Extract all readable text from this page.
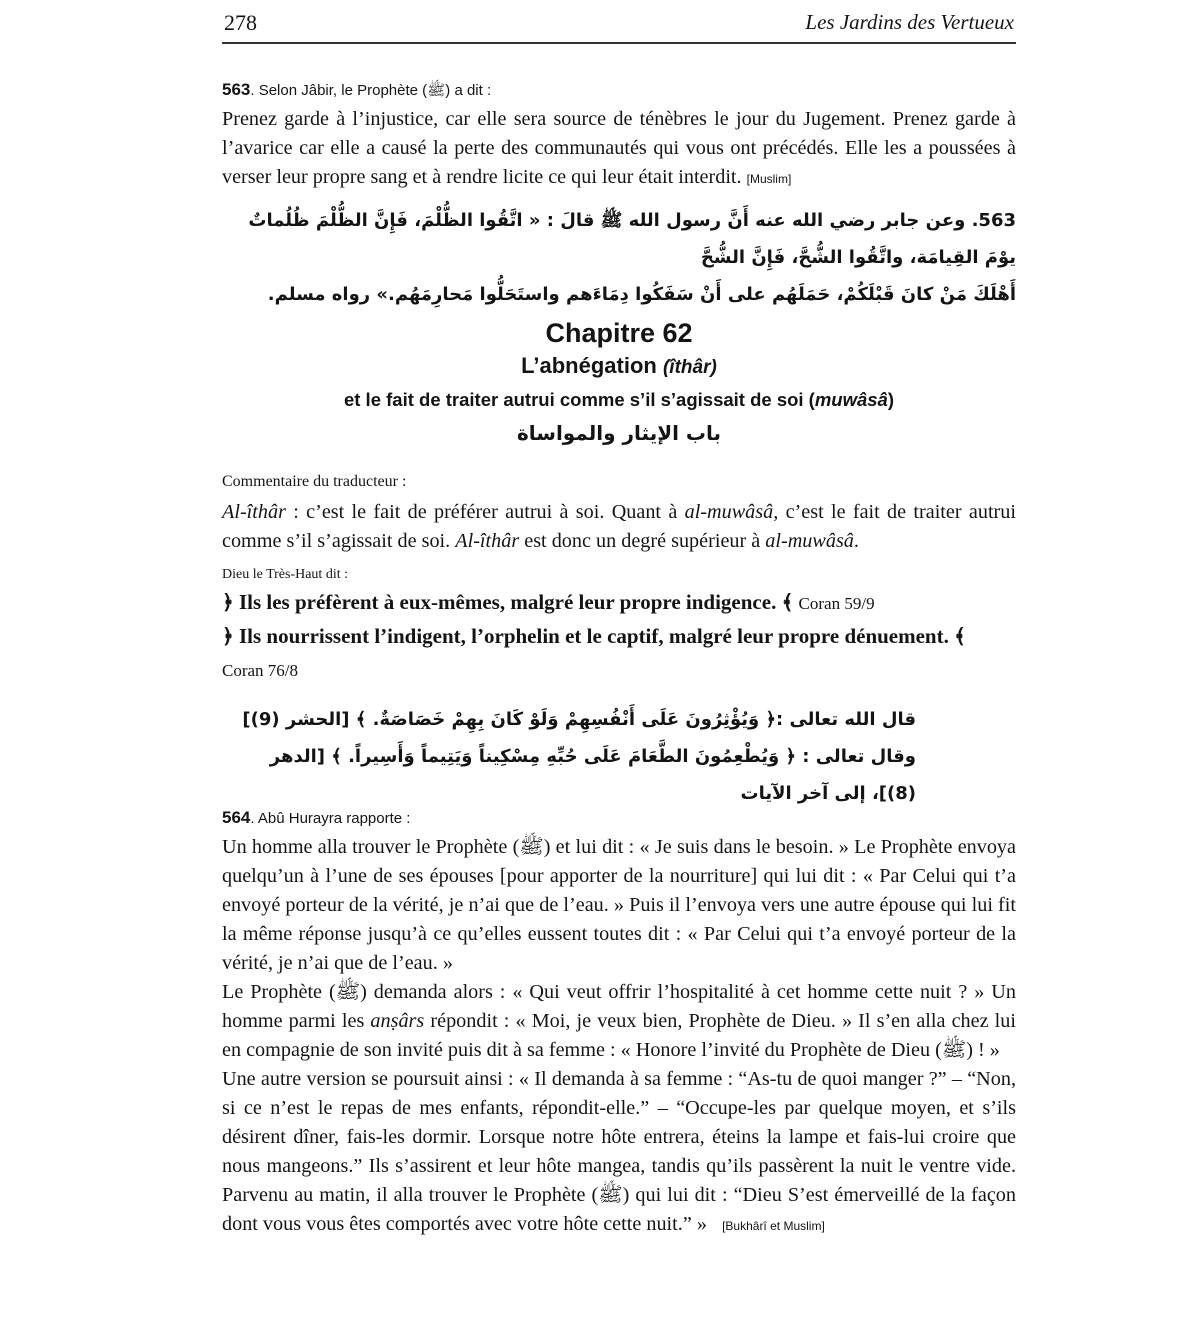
278	Les Jardins des Vertueux
563. Selon Jâbir, le Prophète (ﷺ) a dit :

Prenez garde à l’injustice, car elle sera source de ténèbres le jour du Jugement. Prenez garde à l’avarice car elle a causé la perte des communautés qui vous ont précédés. Elle les a poussées à verser leur propre sang et à rendre licite ce qui leur était interdit. [Muslim]

563. وعن جابر رضي الله عنه أَنَّ رسول الله ﷺ قالَ : « اتَّقُوا الظُّلْمَ، فَإِنَّ الظُّلْمَ ظُلُماتٌ يوْمَ القِيامَة، واتَّقُوا الشُّحَّ، فَإِنَّ الشُّحَّ
أَهْلَكَ مَنْ كانَ قَبْلَكُمْ، حَمَلَهُم على أَنْ سَفَكُوا دِمَاءَهم واستَحَلُّوا مَحارِمَهُم.» رواه مسلم.
Chapitre 62
L’abnégation (îthâr)
et le fait de traiter autrui comme s’il s’agissait de soi (muwâsâ)
باب الإيثار والمواساة
Commentaire du traducteur :

Al-îthâr : c’est le fait de préférer autrui à soi. Quant à al-muwâsâ, c’est le fait de traiter autrui comme s’il s’agissait de soi. Al-îthâr est donc un degré supérieur à al-muwâsâ.

Dieu le Très-Haut dit :
﴿ Ils les préfèrent à eux-mêmes, malgré leur propre indigence. ﴾ Coran 59/9
﴿ Ils nourrissent l’indigent, l’orphelin et le captif, malgré leur propre dénuement. ﴾
Coran 76/8
قال الله تعالى :﴿ وَيُؤْثِرُونَ عَلَى أَنْفُسِهِمْ وَلَوْ كَانَ بِهِمْ خَصَاصَةٌ. ﴾ [الحشر (9)]
وقال تعالى : ﴿ وَيُطْعِمُونَ الطَّعَامَ عَلَى حُبِّهِ مِسْكِيناً وَيَتِيماً وَأَسِيراً. ﴾ [الدهر (8)]، إلى آخر الآيات
564. Abû Hurayra rapporte :

Un homme alla trouver le Prophète (ﷺ) et lui dit : « Je suis dans le besoin. » Le Prophète envoya quelqu’un à l’une de ses épouses [pour apporter de la nourriture] qui lui dit : « Par Celui qui t’a envoyé porteur de la vérité, je n’ai que de l’eau. » Puis il l’envoya vers une autre épouse qui lui fit la même réponse jusqu’à ce qu’elles eussent toutes dit : « Par Celui qui t’a envoyé porteur de la vérité, je n’ai que de l’eau. »

Le Prophète (ﷺ) demanda alors : « Qui veut offrir l’hospitalité à cet homme cette nuit ? » Un homme parmi les anṣârs répondit : « Moi, je veux bien, Prophète de Dieu. » Il s’en alla chez lui en compagnie de son invité puis dit à sa femme : « Honore l’invité du Prophète de Dieu (ﷺ) ! »

Une autre version se poursuit ainsi : « Il demanda à sa femme : “As-tu de quoi manger ?” – “Non, si ce n’est le repas de mes enfants, répondit-elle.” – “Occupe-les par quelque moyen, et s’ils désirent dîner, fais-les dormir. Lorsque notre hôte entrera, éteins la lampe et fais-lui croire que nous mangeons.” Ils s’assirent et leur hôte mangea, tandis qu’ils passèrent la nuit le ventre vide. Parvenu au matin, il alla trouver le Prophète (ﷺ) qui lui dit : “Dieu S’est émerveillé de la façon dont vous vous êtes comportés avec votre hôte cette nuit.” » [Bukhârî et Muslim]
